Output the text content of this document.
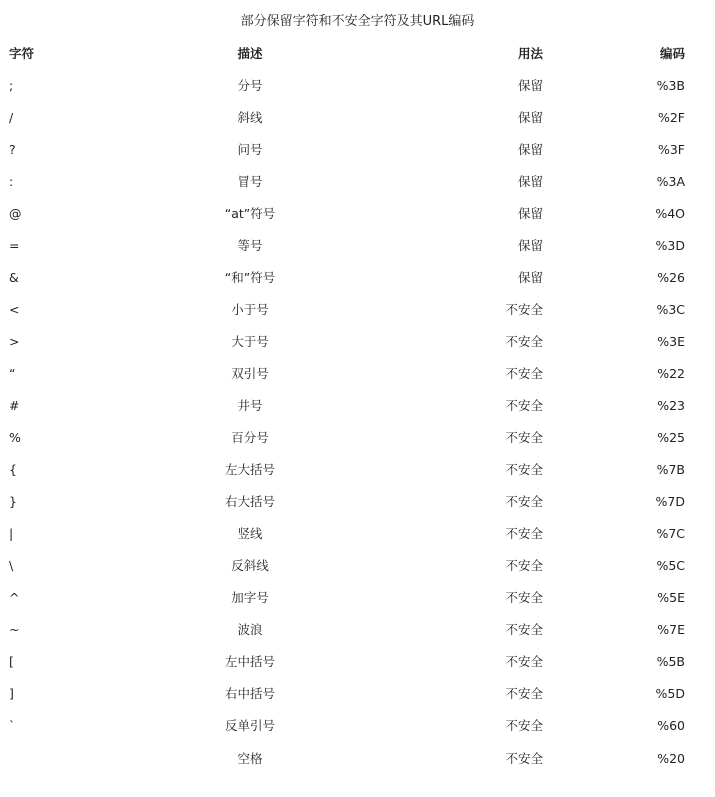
部分保留字符和不安全字符及其URL编码
字符	描述	用法	编码
;	分号	保留	%3B
/	斜线	保留	%2F
?	问号	保留	%3F
:	冒号	保留	%3A
@	“at”符号	保留	%4O
=	等号	保留	%3D
&	“和”符号	保留	%26
<	小于号	不安全	%3C
>	大于号	不安全	%3E
“	双引号	不安全	%22
#	井号	不安全	%23
%	百分号	不安全	%25
{	左大括号	不安全	%7B
}	右大括号	不安全	%7D
|	竖线	不安全	%7C
\	反斜线	不安全	%5C
^	加字号	不安全	%5E
~	波浪	不安全	%7E
[	左中括号	不安全	%5B
]	右中括号	不安全	%5D
`	反单引号	不安全	%60
	空格	不安全	%20
